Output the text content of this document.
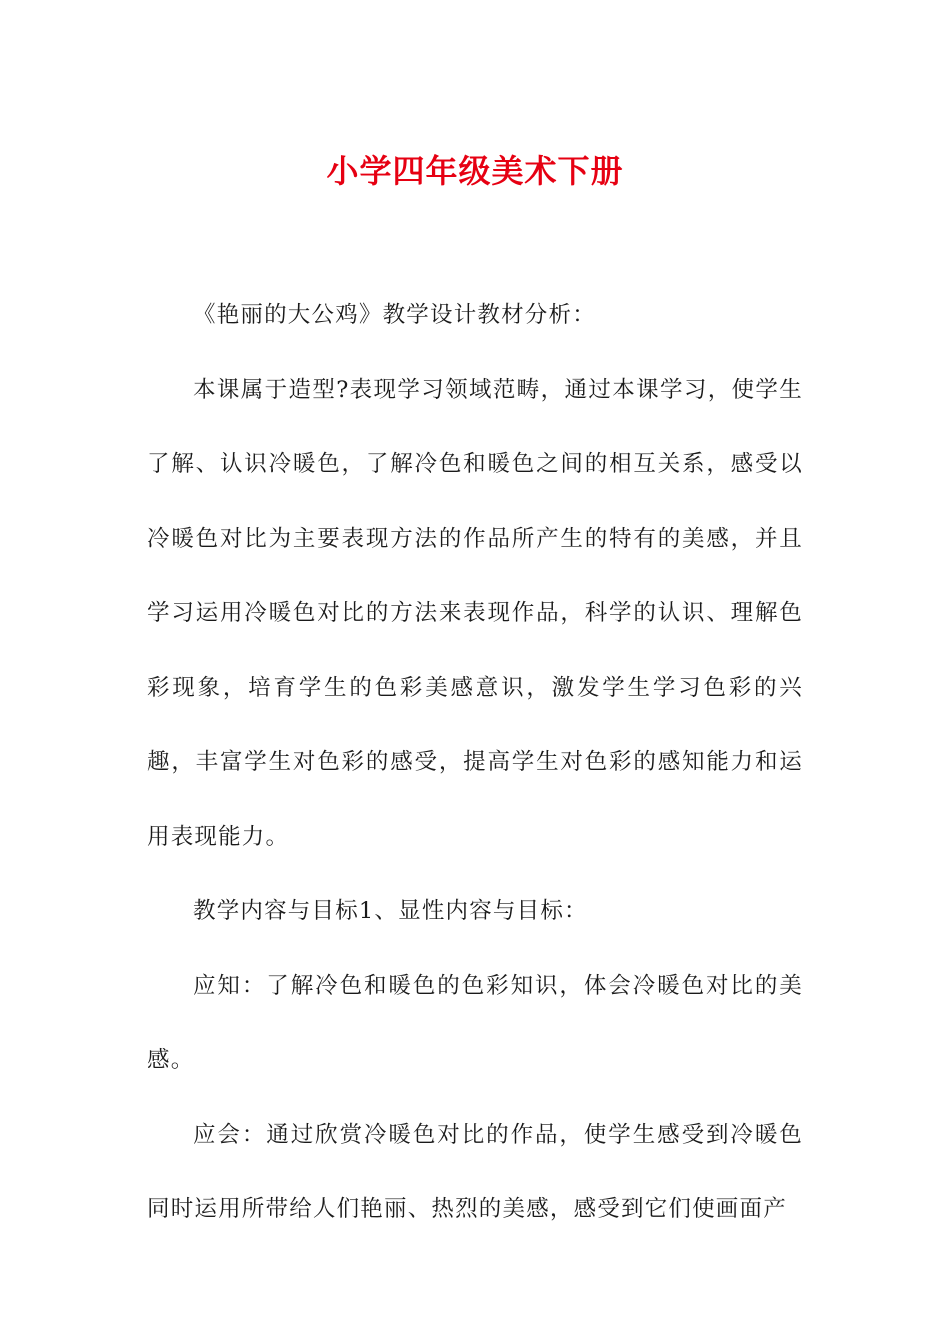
小学四年级美术下册

《艳丽的大公鸡》教学设计教材分析：

本课属于造型?表现学习领域范畴，通过本课学习，使学生了解、认识冷暖色，了解冷色和暖色之间的相互关系，感受以冷暖色对比为主要表现方法的作品所产生的特有的美感，并且学习运用冷暖色对比的方法来表现作品，科学的认识、理解色彩现象，培育学生的色彩美感意识，激发学生学习色彩的兴趣，丰富学生对色彩的感受，提高学生对色彩的感知能力和运用表现能力。

教学内容与目标1、显性内容与目标：

应知：了解冷色和暖色的色彩知识，体会冷暖色对比的美感。

应会：通过欣赏冷暖色对比的作品，使学生感受到冷暖色同时运用所带给人们艳丽、热烈的美感，感受到它们使画面产
